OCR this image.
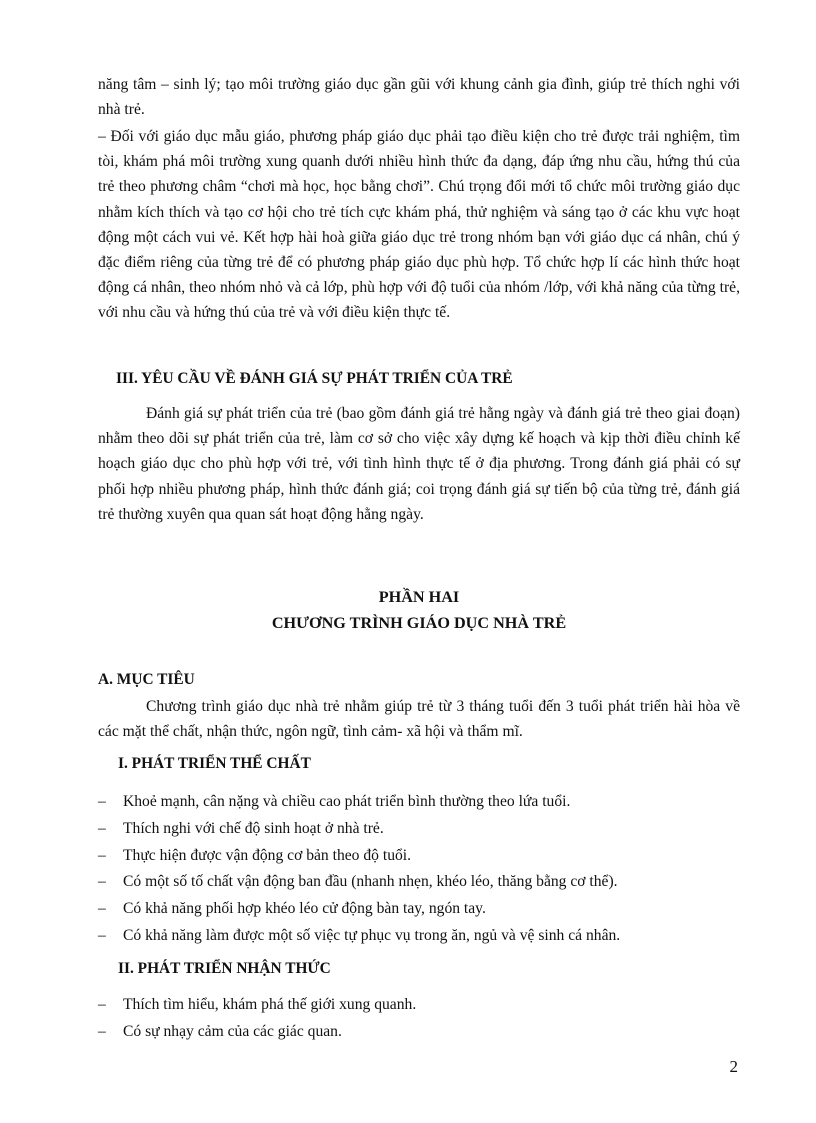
năng tâm – sinh lý; tạo môi trường giáo dục gần gũi với khung cảnh gia đình, giúp trẻ thích nghi với nhà trẻ.

– Đối với giáo dục mẫu giáo, phương pháp giáo dục phải tạo điều kiện cho trẻ được trải nghiệm, tìm tòi, khám phá môi trường xung quanh dưới nhiều hình thức đa dạng, đáp ứng nhu cầu, hứng thú của trẻ theo phương châm “chơi mà học, học bằng chơi”. Chú trọng đổi mới tổ chức môi trường giáo dục nhằm kích thích và tạo cơ hội cho trẻ tích cực khám phá, thử nghiệm và sáng tạo ở các khu vực hoạt động một cách vui vẻ. Kết hợp hài hoà giữa giáo dục trẻ trong nhóm bạn với giáo dục cá nhân, chú ý đặc điểm riêng của từng trẻ để có phương pháp giáo dục phù hợp. Tổ chức hợp lí các hình thức hoạt động cá nhân, theo nhóm nhỏ và cả lớp, phù hợp với độ tuổi của nhóm /lớp, với khả năng của từng trẻ, với nhu cầu và hứng thú của trẻ và với điều kiện thực tế.

III. YÊU CẦU VỀ ĐÁNH GIÁ SỰ PHÁT TRIỂN CỦA TRẺ

Đánh giá sự phát triển của trẻ (bao gồm đánh giá trẻ hằng ngày và đánh giá trẻ theo giai đoạn) nhằm theo dõi sự phát triển của trẻ, làm cơ sở cho việc xây dựng kế hoạch và kịp thời điều chỉnh kế hoạch giáo dục cho phù hợp với trẻ, với tình hình thực tế ở địa phương. Trong đánh giá phải có sự phối hợp nhiều phương pháp, hình thức đánh giá; coi trọng đánh giá sự tiến bộ của từng trẻ, đánh giá trẻ thường xuyên qua quan sát hoạt động hằng ngày.

PHẦN HAI
CHƯƠNG TRÌNH GIÁO DỤC NHÀ TRẺ
A. MỤC TIÊU

Chương trình giáo dục nhà trẻ nhằm giúp trẻ từ 3 tháng tuổi đến 3 tuổi phát triển hài hòa về các mặt thể chất, nhận thức, ngôn ngữ, tình cảm- xã hội và thẩm mĩ.

I. PHÁT TRIỂN THỂ CHẤT
– Khoẻ mạnh, cân nặng và chiều cao phát triển bình thường theo lứa tuổi.
– Thích nghi với chế độ sinh hoạt ở nhà trẻ.
– Thực hiện được vận động cơ bản theo độ tuổi.
– Có một số tố chất vận động ban đầu (nhanh nhẹn, khéo léo, thăng bằng cơ thể).
– Có khả năng phối hợp khéo léo cử động bàn tay, ngón tay.
– Có khả năng làm được một số việc tự phục vụ trong ăn, ngủ và vệ sinh cá nhân.
II. PHÁT TRIỂN NHẬN THỨC
– Thích tìm hiểu, khám phá thế giới xung quanh.
– Có sự nhạy cảm của các giác quan.
2
